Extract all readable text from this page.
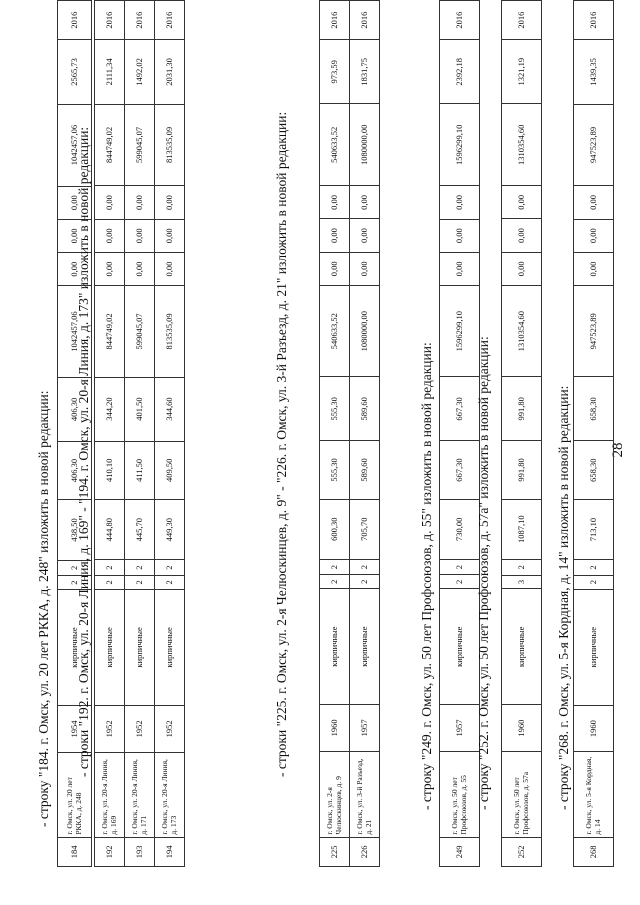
28
- строку "184. г. Омск, ул. 20 лет РККА, д. 248" изложить в новой редакции:
184	г. Омск, ул. 20 лет РККА, д. 248	1954	кирпичные	2	2	438,50	406,30	406,30	1042457,06	0,00	0,00	0,00	1042457,06	2565,73	2016
- строки "192. г. Омск, ул. 20-я Линия, д. 169" - "194. г. Омск, ул. 20-я Линия, д. 173" изложить в новой редакции:
192	г. Омск, ул. 20-я Линия, д. 169	1952	кирпичные	2	2	444,80	410,10	344,20	844749,02	0,00	0,00	0,00	844749,02	2111,34	2016
193	г. Омск, ул. 20-я Линия, д. 171	1952	кирпичные	2	2	445,70	411,50	401,50	599045,07	0,00	0,00	0,00	599045,07	1492,02	2016
194	г. Омск, ул. 20-я Линия, д. 173	1952	кирпичные	2	2	449,30	409,50	344,60	813535,09	0,00	0,00	0,00	813535,09	2031,30	2016
- строки "225. г. Омск, ул. 2-я Челюскинцев, д. 9" - "226. г. Омск, ул. 3-й Разъезд, д. 21" изложить в новой редакции:
225	г. Омск, ул. 2-я Челюскинцев, д. 9	1960	кирпичные	2	2	600,30	555,30	555,30	540633,52	0,00	0,00	0,00	540633,52	973,59	2016
226	г. Омск, ул. 3-й Разъезд, д. 21	1957	кирпичные	2	2	705,70	589,60	589,60	1080000,00	0,00	0,00	0,00	1080000,00	1831,75	2016
- строку "249. г. Омск, ул. 50 лет Профсоюзов, д. 55" изложить в новой редакции:
249	г. Омск, ул. 50 лет Профсоюзов, д. 55	1957	кирпичные	2	2	730,00	667,30	667,30	1596299,10	0,00	0,00	0,00	1596299,10	2392,18	2016
- строку "252. г. Омск, ул. 50 лет Профсоюзов, д. 57а" изложить в новой редакции:
252	г. Омск, ул. 50 лет Профсоюзов, д. 57а	1960	кирпичные	3	2	1087,10	991,80	991,80	1310354,60	0,00	0,00	0,00	1310354,60	1321,19	2016
- строку "268. г. Омск, ул. 5-я Кордная, д. 14" изложить в новой редакции:
268	г. Омск, ул. 5-я Кордная, д. 14	1960	кирпичные	2	2	713,10	658,30	658,30	947523,89	0,00	0,00	0,00	947523,89	1439,35	2016
